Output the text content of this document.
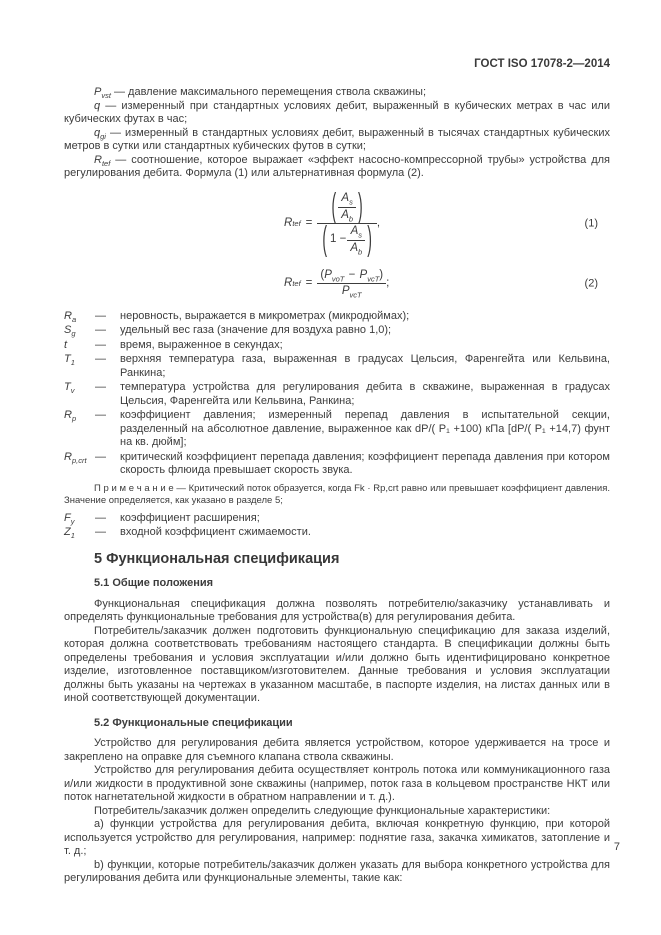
ГОСТ ISO 17078-2—2014

$P_{vst}$ — давление максимального перемещения ствола скважины;

q — измеренный при стандартных условиях дебит, выраженный в кубических метрах в час или кубических футах в час;

$q_{gi}$ — измеренный в стандартных условиях дебит, выраженный в тысячах стандартных кубических метров в сутки или стандартных кубических футов в сутки;

$R_{tef}$ — соотношение, которое выражает «эффект насосно-компрессорной трубы» устройства для регулирования дебита. Формула (1) или альтернативная формула (2).

R tef = ( $\frac{A_s}{A_b}$ )
( $1 - \frac{A_s}{A_b}$ ) ,	(1)
R tef = $\frac{(P_{voT} - P_{vcT})}{P_{vcT}}$ ;	(2)
$R_a$	—	неровность, выражается в микрометрах (микродюймах);
$S_g$	—	удельный вес газа (значение для воздуха равно 1,0);
t	—	время, выраженное в секундах;
$T_1$	—	верхняя температура газа, выраженная в градусах Цельсия, Фаренгейта или Кельвина, Ранкина;
$T_v$	—	температура устройства для регулирования дебита в скважине, выраженная в градусах Цельсия, Фаренгейта или Кельвина, Ранкина;
$R_p$	—	коэффициент давления; измеренный перепад давления в испытательной секции, разделенный на абсолютное давление, выраженное как dP/( P₁ +100) кПа [dP/( P₁ +14,7) фунт на кв. дюйм];
$R_{p,crt}$ —	критический коэффициент перепада давления; коэффициент перепада давления при котором скорость флюида превышает скорость звука.

П р и м е ч а н и е — Критический поток образуется, когда Fk · Rp,crt равно или превышает коэффициент давления. Значение определяется, как указано в разделе 5;

$F_y$	—	коэффициент расширения;
$Z_1$	—	входной коэффициент сжимаемости.
5 Функциональная спецификация
5.1 Общие положения

Функциональная спецификация должна позволять потребителю/заказчику устанавливать и определять функциональные требования для устройства(в) для регулирования дебита.

Потребитель/заказчик должен подготовить функциональную спецификацию для заказа изделий, которая должна соответствовать требованиям настоящего стандарта. В спецификации должны быть определены требования и условия эксплуатации и/или должно быть идентифицировано конкретное изделие, изготовленное поставщиком/изготовителем. Данные требования и условия эксплуатации должны быть указаны на чертежах в указанном масштабе, в паспорте изделия, на листах данных или в иной соответствующей документации.

5.2 Функциональные спецификации

Устройство для регулирования дебита является устройством, которое удерживается на тросе и закреплено на оправке для съемного клапана ствола скважины.

Устройство для регулирования дебита осуществляет контроль потока или коммуникационного газа и/или жидкости в продуктивной зоне скважины (например, поток газа в кольцевом пространстве НКТ или поток нагнетательной жидкости в обратном направлении и т. д.).

Потребитель/заказчик должен определить следующие функциональные характеристики:

а) функции устройства для регулирования дебита, включая конкретную функцию, при которой используется устройство для регулирования, например: поднятие газа, закачка химикатов, затопление и т. д.;

b) функции, которые потребитель/заказчик должен указать для выбора конкретного устройства для регулирования дебита или функциональные элементы, такие как:

7
